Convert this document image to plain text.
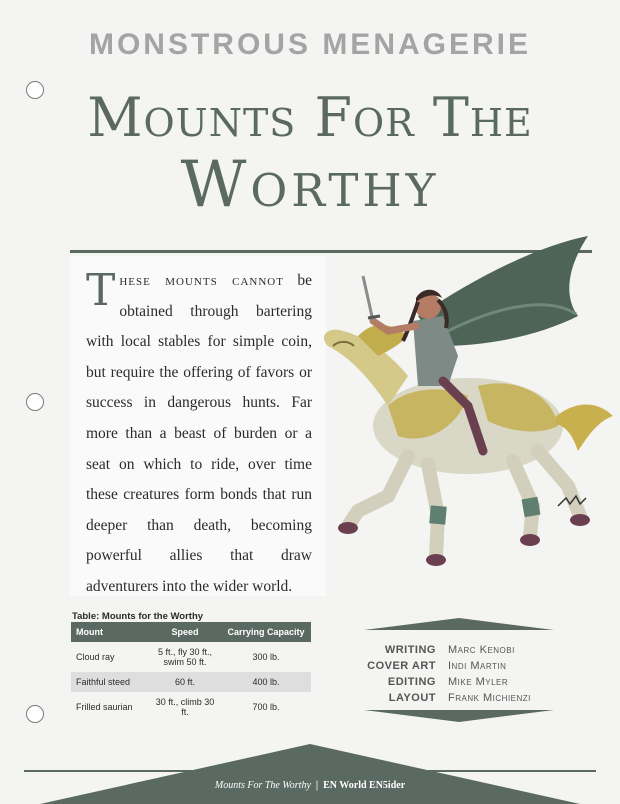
MONSTROUS MENAGERIE
Mounts For The
Worthy

These mounts cannot be obtained through bartering with local stables for simple coin, but require the offering of favors or success in dangerous hunts. Far more than a beast of burden or a seat on which to ride, over time these creatures form bonds that run deeper than death, becoming powerful allies that draw adventurers into the wider world.

Table: Mounts for the Worthy
Mount	Speed	Carrying Capacity
Cloud ray	5 ft., fly 30 ft., swim 50 ft.	300 lb.
Faithful steed	60 ft.	400 lb.
Frilled saurian	30 ft., climb 30 ft.	700 lb.
WRITING Marc Kenobi
COVER ART Indi Martin
EDITING Mike Myler
LAYOUT Frank Michienzi
Mounts For The Worthy | EN World EN5ider
